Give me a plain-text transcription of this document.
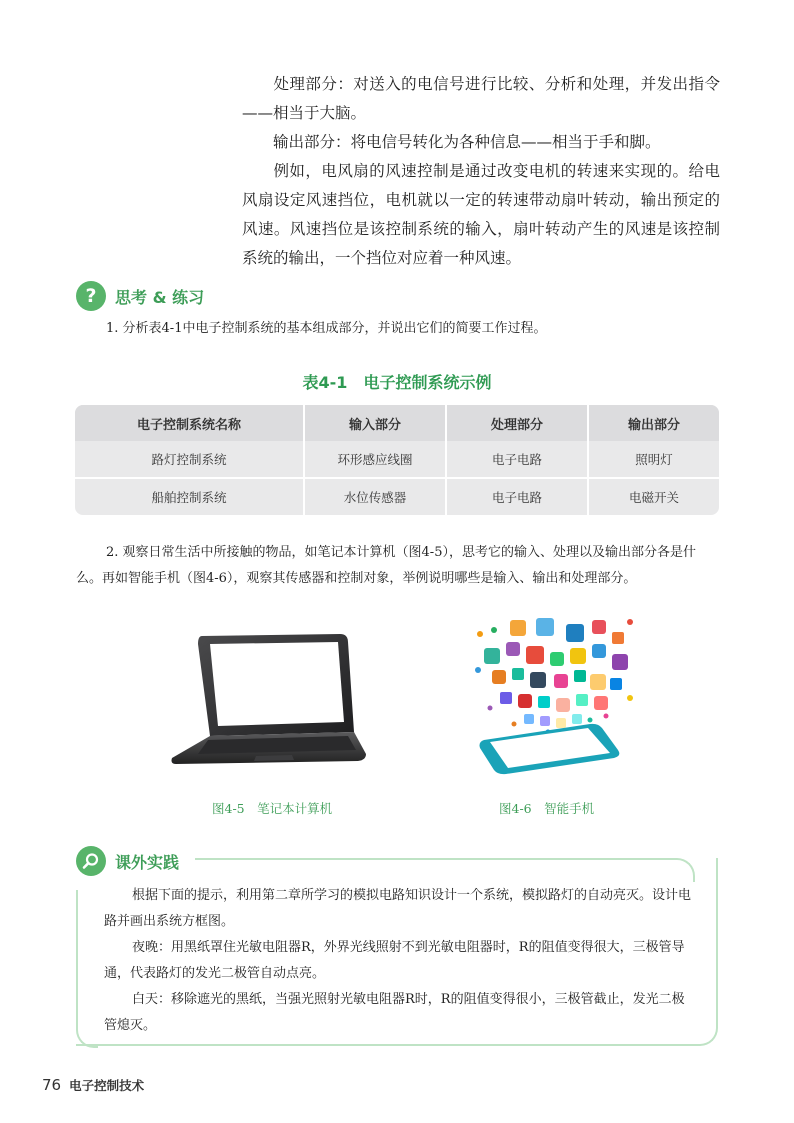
处理部分：对送入的电信号进行比较、分析和处理，并发出指令——相当于大脑。

输出部分：将电信号转化为各种信息——相当于手和脚。

例如，电风扇的风速控制是通过改变电机的转速来实现的。给电风扇设定风速挡位，电机就以一定的转速带动扇叶转动，输出预定的风速。风速挡位是该控制系统的输入，扇叶转动产生的风速是该控制系统的输出，一个挡位对应着一种风速。

?	思考 & 练习

1. 分析表4-1中电子控制系统的基本组成部分，并说出它们的简要工作过程。

表4-1　电子控制系统示例
电子控制系统名称	输入部分	处理部分	输出部分
路灯控制系统	环形感应线圈	电子电路	照明灯
船舶控制系统	水位传感器	电子电路	电磁开关

2. 观察日常生活中所接触的物品，如笔记本计算机（图4-5），思考它的输入、处理以及输出部分各是什么。再如智能手机（图4-6），观察其传感器和控制对象，举例说明哪些是输入、输出和处理部分。

图4-5　笔记本计算机	图4-6　智能手机
课外实践

根据下面的提示，利用第二章所学习的模拟电路知识设计一个系统，模拟路灯的自动亮灭。设计电路并画出系统方框图。

夜晚：用黑纸罩住光敏电阻器R，外界光线照射不到光敏电阻器时，R的阻值变得很大，三极管导通，代表路灯的发光二极管自动点亮。

白天：移除遮光的黑纸，当强光照射光敏电阻器R时，R的阻值变得很小，三极管截止，发光二极管熄灭。

76 电子控制技术
